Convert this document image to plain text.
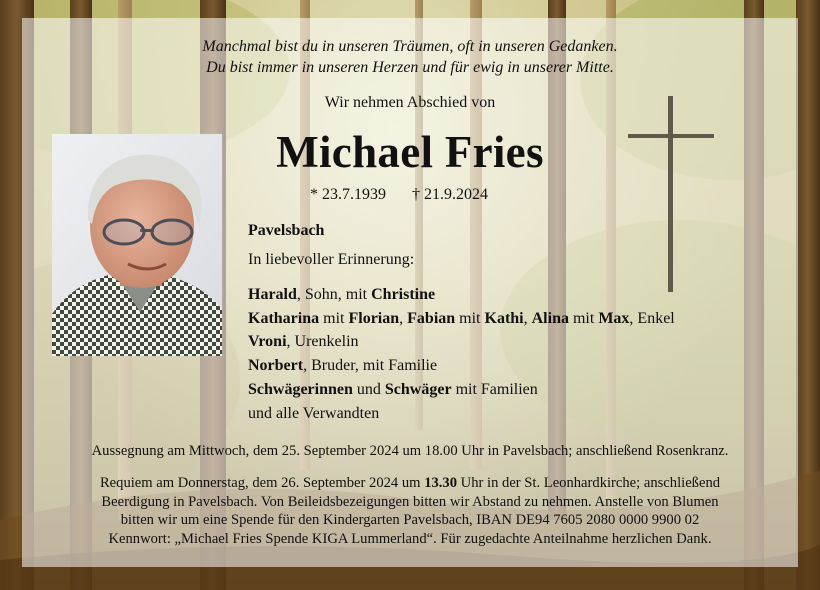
Manchmal bist du in unseren Träumen, oft in unseren Gedanken.
Du bist immer in unseren Herzen und für ewig in unserer Mitte.
Wir nehmen Abschied von
Michael Fries
* 23.7.1939 † 21.9.2024
Pavelsbach
In liebevoller Erinnerung:
Harald, Sohn, mit Christine
Katharina mit Florian, Fabian mit Kathi, Alina mit Max, Enkel
Vroni, Urenkelin
Norbert, Bruder, mit Familie
Schwägerinnen und Schwäger mit Familien
und alle Verwandten
Aussegnung am Mittwoch, dem 25. September 2024 um 18.00 Uhr in Pavelsbach; anschließend Rosenkranz.
Requiem am Donnerstag, dem 26. September 2024 um 13.30 Uhr in der St. Leonhardkirche; anschließend
Beerdigung in Pavelsbach. Von Beileidsbezeigungen bitten wir Abstand zu nehmen. Anstelle von Blumen
bitten wir um eine Spende für den Kindergarten Pavelsbach, IBAN DE94 7605 2080 0000 9900 02
Kennwort: „Michael Fries Spende KIGA Lummerland“. Für zugedachte Anteilnahme herzlichen Dank.
